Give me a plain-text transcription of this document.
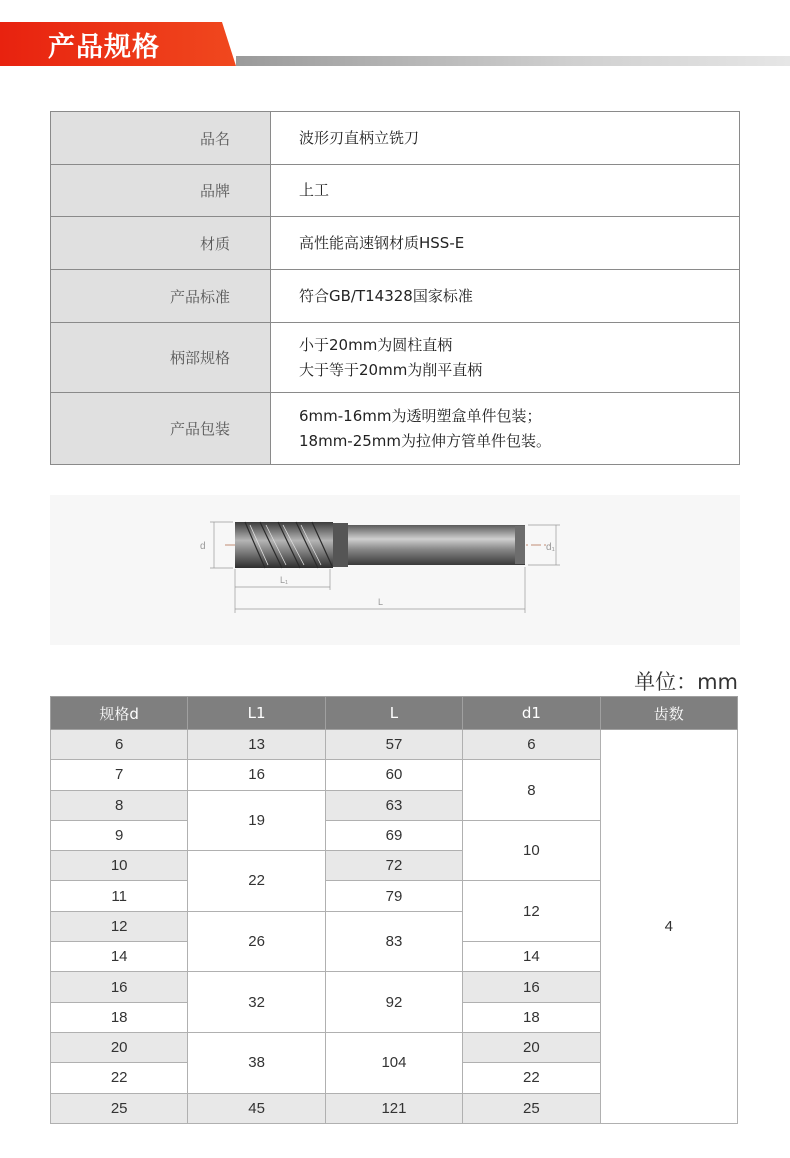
产品规格
品名	波形刃直柄立铣刀
品牌	上工
材质	高性能高速钢材质HSS-E
产品标准	符合GB/T14328国家标准
柄部规格	小于20mm为圆柱直柄
大于等于20mm为削平直柄

产品包装	6mm-16mm为透明塑盒单件包装；
18mm-25mm为拉伸方管单件包装。
d	d₁
L₁
L
单位：mm
规格d	L1	L	d1	齿数
6	13	57	6	4
7	16	60	8	
8	19	63		
9		69	10	
10	22	72		
11		79	12	
12	26	83		
14			14	
16	32	92	16	
18			18	
20	38	104	20	
22			22	
25	45	121	25	
